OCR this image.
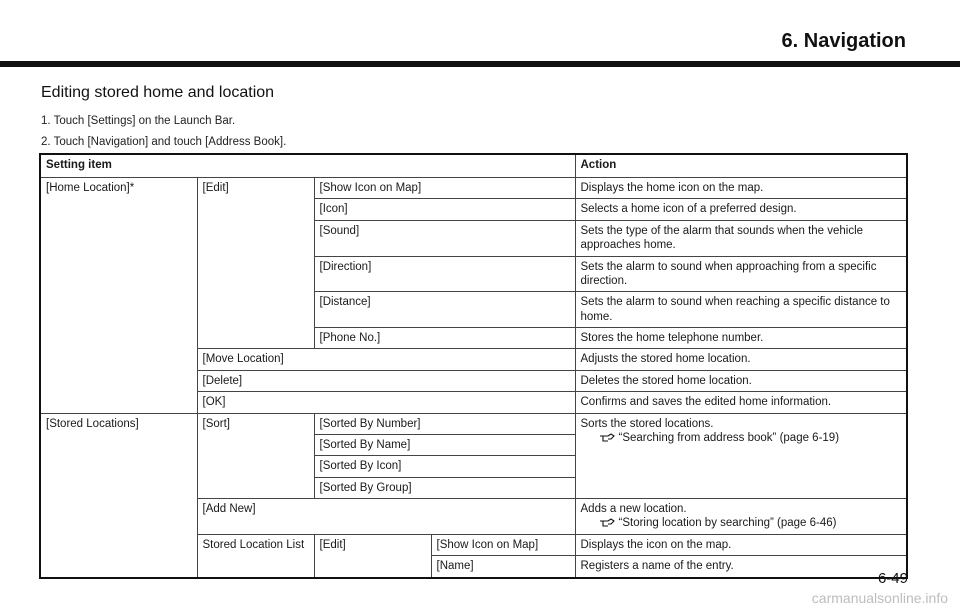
6. Navigation
Editing stored home and location
1. Touch [Settings] on the Launch Bar.
2. Touch [Navigation] and touch [Address Book].
Setting item				Action
[Home Location]*	[Edit]	[Show Icon on Map]		Displays the home icon on the map.
		[Icon]		Selects a home icon of a preferred design.
		[Sound]		Sets the type of the alarm that sounds when the vehicle approaches home.
		[Direction]		Sets the alarm to sound when approaching from a specific direction.
		[Distance]		Sets the alarm to sound when reaching a specific distance to home.
		[Phone No.]		Stores the home telephone number.
	[Move Location]			Adjusts the stored home location.
	[Delete]			Deletes the stored home location.
	[OK]			Confirms and saves the edited home information.
[Stored Locations]	[Sort]	[Sorted By Number]		Sorts the stored locations.
“Searching from address book” (page 6-19)

		[Sorted By Name]		
		[Sorted By Icon]		
		[Sorted By Group]		
	[Add New]			Adds a new location.
“Storing location by searching” (page 6-46)

	Stored Location List	[Edit]	[Show Icon on Map]	Displays the icon on the map.
			[Name]	Registers a name of the entry.
6-49
carmanualsonline.info
